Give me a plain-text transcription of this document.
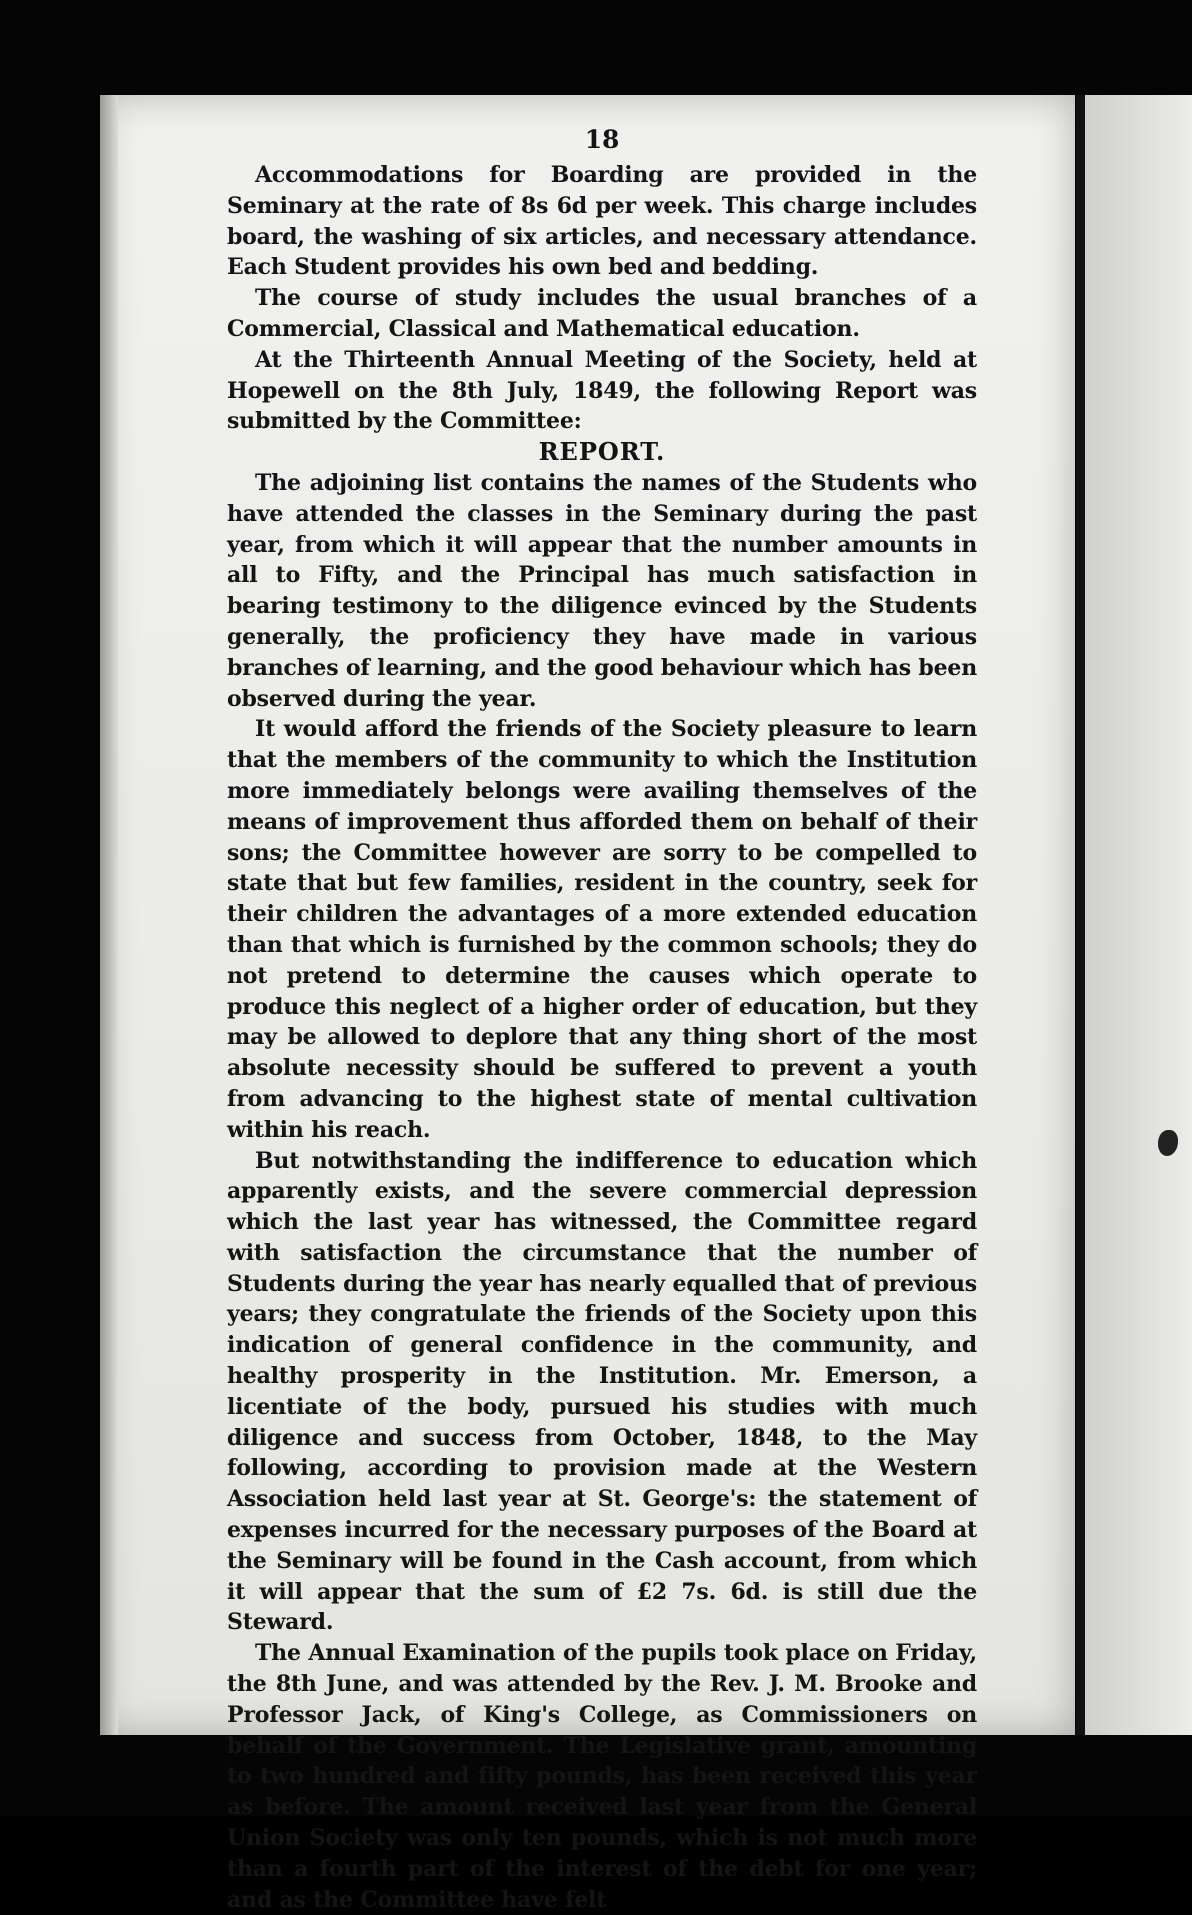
18

Accommodations for Boarding are provided in the Seminary at the rate of 8s 6d per week. This charge includes board, the washing of six articles, and necessary attendance. Each Student provides his own bed and bedding.

The course of study includes the usual branches of a Commercial, Classical and Mathematical education.

At the Thirteenth Annual Meeting of the Society, held at Hopewell on the 8th July, 1849, the following Report was submitted by the Committee:

REPORT.

The adjoining list contains the names of the Students who have attended the classes in the Seminary during the past year, from which it will appear that the number amounts in all to Fifty, and the Principal has much satisfaction in bearing testimony to the diligence evinced by the Students generally, the proficiency they have made in various branches of learning, and the good behaviour which has been observed during the year.

It would afford the friends of the Society pleasure to learn that the members of the community to which the Institution more immediately belongs were availing themselves of the means of improvement thus afforded them on behalf of their sons; the Committee however are sorry to be compelled to state that but few families, resident in the country, seek for their children the advantages of a more extended education than that which is furnished by the common schools; they do not pretend to determine the causes which operate to produce this neglect of a higher order of education, but they may be allowed to deplore that any thing short of the most absolute necessity should be suffered to prevent a youth from advancing to the highest state of mental cultivation within his reach.

But notwithstanding the indifference to education which apparently exists, and the severe commercial depression which the last year has witnessed, the Committee regard with satisfaction the circumstance that the number of Students during the year has nearly equalled that of previous years; they congratulate the friends of the Society upon this indication of general confidence in the community, and healthy prosperity in the Institution. Mr. Emerson, a licentiate of the body, pursued his studies with much diligence and success from October, 1848, to the May following, according to provision made at the Western Association held last year at St. George's: the statement of expenses incurred for the necessary purposes of the Board at the Seminary will be found in the Cash account, from which it will appear that the sum of £2 7s. 6d. is still due the Steward.

The Annual Examination of the pupils took place on Friday, the 8th June, and was attended by the Rev. J. M. Brooke and Professor Jack, of King's College, as Commissioners on behalf of the Government. The Legislative grant, amounting to two hundred and fifty pounds, has been received this year as before. The amount received last year from the General Union Society was only ten pounds, which is not much more than a fourth part of the interest of the debt for one year; and as the Committee have felt
